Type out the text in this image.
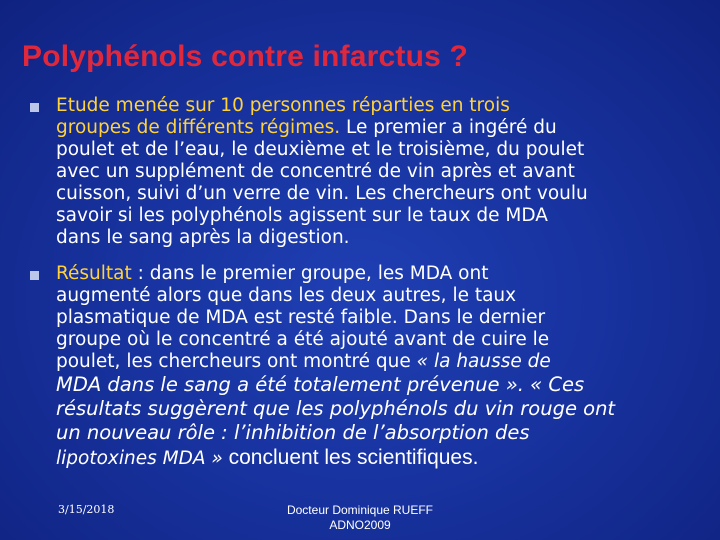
Polyphénols contre infarctus ?
Etude menée sur 10 personnes réparties en trois
groupes de différents régimes. Le premier a ingéré du
poulet et de l’eau, le deuxième et le troisième, du poulet
avec un supplément de concentré de vin après et avant
cuisson, suivi d’un verre de vin. Les chercheurs ont voulu
savoir si les polyphénols agissent sur le taux de MDA
dans le sang après la digestion.
Résultat : dans le premier groupe, les MDA ont
augmenté alors que dans les deux autres, le taux
plasmatique de MDA est resté faible. Dans le dernier
groupe où le concentré a été ajouté avant de cuire le
poulet, les chercheurs ont montré que « la hausse de
MDA dans le sang a été totalement prévenue ». « Ces
résultats suggèrent que les polyphénols du vin rouge ont
un nouveau rôle : l’inhibition de l’absorption des
lipotoxines MDA » concluent les scientifiques.
3/15/2018	Docteur Dominique RUEFF
ADNO2009
